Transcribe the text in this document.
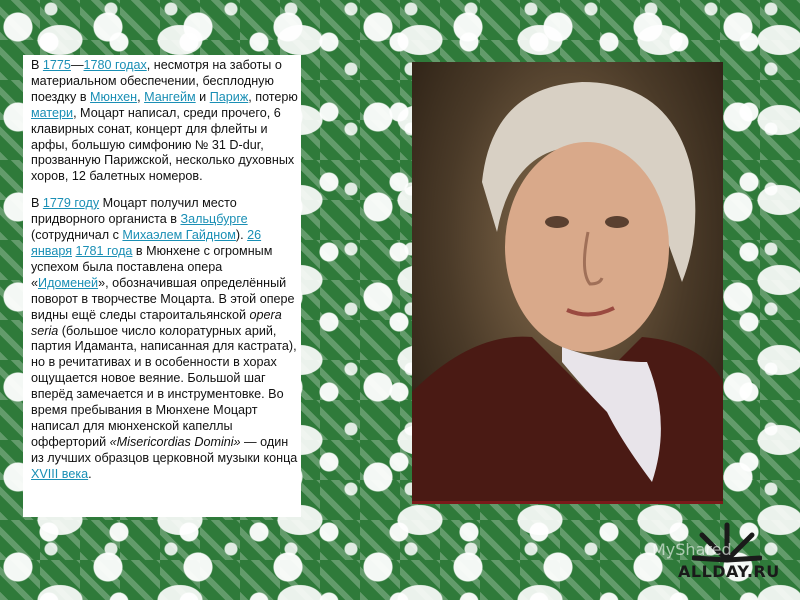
В 1775—1780 годах, несмотря на заботы о материальном обеспечении, бесплодную поездку в Мюнхен, Мангейм и Париж, потерю матери, Моцарт написал, среди прочего, 6 клавирных сонат, концерт для флейты и арфы, большую симфонию № 31 D-dur, прозванную Парижской, несколько духовных хоров, 12 балетных номеров.

В 1779 году Моцарт получил место придворного органиста в Зальцбурге (сотрудничал с Михаэлем Гайдном). 26 января 1781 года в Мюнхене с огромным успехом была поставлена опера «Идоменей», обозначившая определённый поворот в творчестве Моцарта. В этой опере видны ещё следы староитальянской opera seria (большое число колоратурных арий, партия Идаманта, написанная для кастрата), но в речитативах и в особенности в хорах ощущается новое веяние. Большой шаг вперёд замечается и в инструментовке. Во время пребывания в Мюнхене Моцарт написал для мюнхенской капеллы офферторий «Misericordias Domini» — один из лучших образцов церковной музыки конца XVIII века.

MyShared
ALLDAY.RU
